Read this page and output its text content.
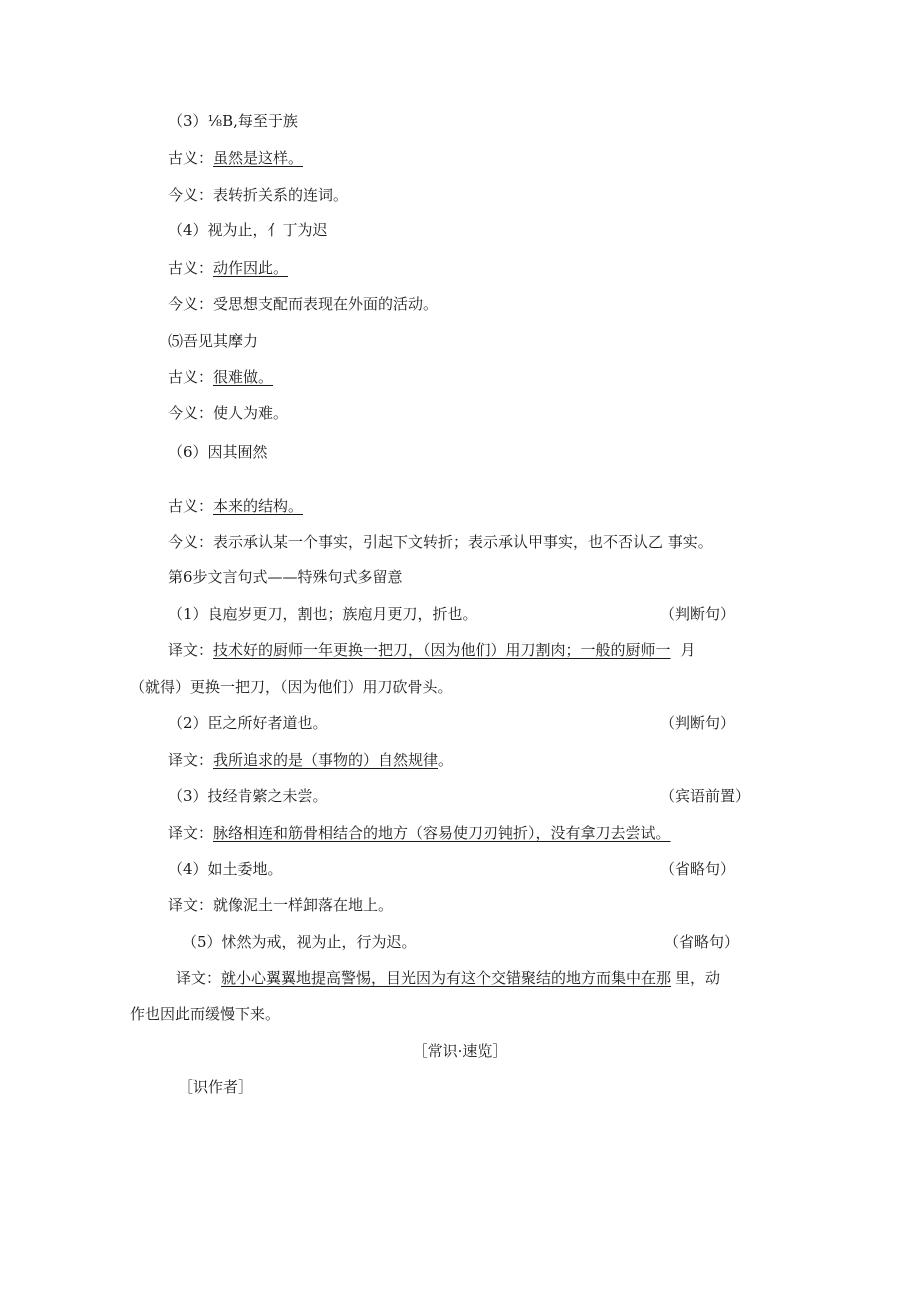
（3）⅛B,每至于族
古义：虽然是这样。
今义：表转折关系的连词。
（4）视为止，亻丁为迟
古义：动作因此。
今义：受思想支配而表现在外面的活动。
⑸吾见其摩力
古义：很难做。
今义：使人为难。
（6）因其囿然
古义：本来的结构。
今义：表示承认某一个事实，引起下文转折；表示承认甲事实，也不否认乙 事实。
第6步文言句式——特殊句式多留意
（1）良庖岁更刀，割也；族庖月更刀，折也。	（判断句）
译文：技术好的厨师一年更换一把刀，（因为他们）用刀割肉；一般的厨师一 月
（就得）更换一把刀，（因为他们）用刀砍骨头。
（2）臣之所好者道也。	（判断句）
译文：我所追求的是（事物的）自然规律。
（3）技经肯綮之未尝。	（宾语前置）
译文：脉络相连和筋骨相结合的地方（容易使刀刃钝折），没有拿刀去尝试。
（4）如土委地。	（省略句）
译文：就像泥土一样卸落在地上。
（5）怵然为戒，视为止，行为迟。	（省略句）
译文：就小心翼翼地提高警惕，目光因为有这个交错聚结的地方而集中在那 里，动
作也因此而缓慢下来。
［常识·速览］
［识作者］
